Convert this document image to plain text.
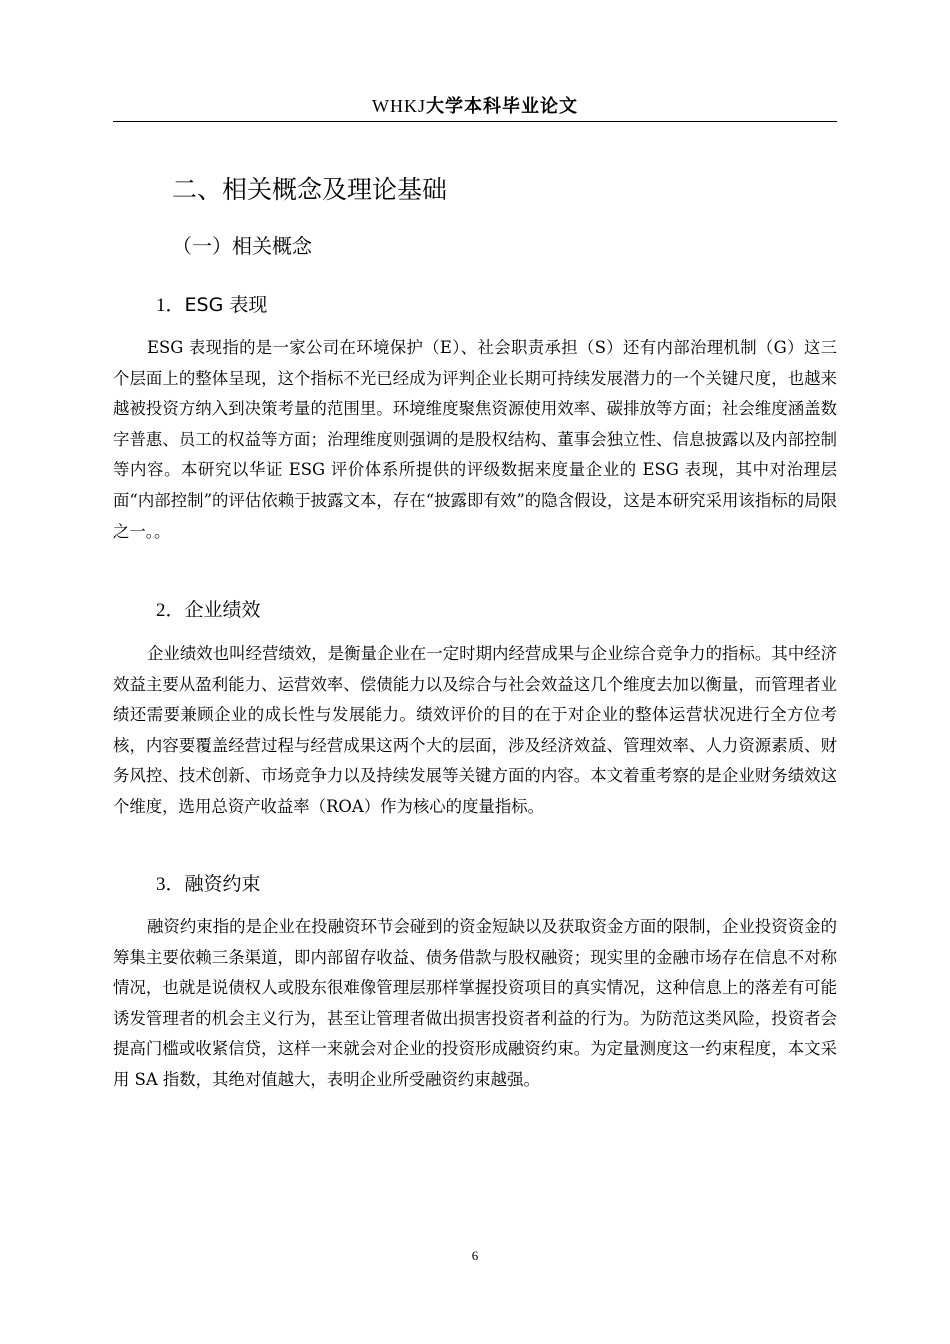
WHKJ大学本科毕业论文
二、相关概念及理论基础
（一）相关概念
1．ESG 表现

ESG 表现指的是一家公司在环境保护（E）、社会职责承担（S）还有内部治理机制（G）这三个层面上的整体呈现，这个指标不光已经成为评判企业长期可持续发展潜力的一个关键尺度，也越来越被投资方纳入到决策考量的范围里。环境维度聚焦资源使用效率、碳排放等方面；社会维度涵盖数字普惠、员工的权益等方面；治理维度则强调的是股权结构、董事会独立性、信息披露以及内部控制等内容。本研究以华证 ESG 评价体系所提供的评级数据来度量企业的 ESG 表现，其中对治理层面“内部控制”的评估依赖于披露文本，存在“披露即有效”的隐含假设，这是本研究采用该指标的局限之一。。

2．企业绩效

企业绩效也叫经营绩效，是衡量企业在一定时期内经营成果与企业综合竞争力的指标。其中经济效益主要从盈利能力、运营效率、偿债能力以及综合与社会效益这几个维度去加以衡量，而管理者业绩还需要兼顾企业的成长性与发展能力。绩效评价的目的在于对企业的整体运营状况进行全方位考核，内容要覆盖经营过程与经营成果这两个大的层面，涉及经济效益、管理效率、人力资源素质、财务风控、技术创新、市场竞争力以及持续发展等关键方面的内容。本文着重考察的是企业财务绩效这个维度，选用总资产收益率（ROA）作为核心的度量指标。

3．融资约束

融资约束指的是企业在投融资环节会碰到的资金短缺以及获取资金方面的限制，企业投资资金的筹集主要依赖三条渠道，即内部留存收益、债务借款与股权融资；现实里的金融市场存在信息不对称情况，也就是说债权人或股东很难像管理层那样掌握投资项目的真实情况，这种信息上的落差有可能诱发管理者的机会主义行为，甚至让管理者做出损害投资者利益的行为。为防范这类风险，投资者会提高门槛或收紧信贷，这样一来就会对企业的投资形成融资约束。为定量测度这一约束程度，本文采用 SA 指数，其绝对值越大，表明企业所受融资约束越强。

6
